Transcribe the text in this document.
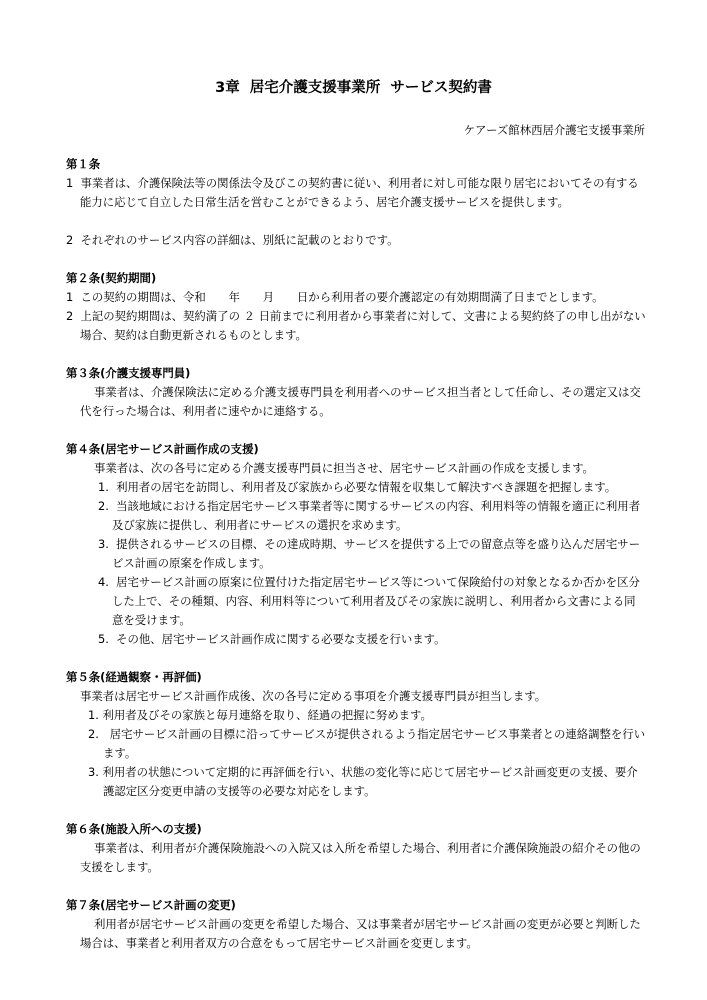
3章  居宅介護支援事業所  サービス契約書
ケアーズ館林西居介護宅支援事業所
第１条
1  事業者は、介護保険法等の関係法令及びこの契約書に従い、利用者に対し可能な限り居宅においてその有する能力に応じて自立した日常生活を営むことができるよう、居宅介護支援サービスを提供します。
2  それぞれのサービス内容の詳細は、別紙に記載のとおりです。
第２条(契約期間)
1  この契約の期間は、令和　　年　　月　　日から利用者の要介護認定の有効期間満了日までとします。
2  上記の契約期間は、契約満了の ２ 日前までに利用者から事業者に対して、文書による契約終了の申し出がない場合、契約は自動更新されるものとします。
第３条(介護支援専門員)
事業者は、介護保険法に定める介護支援専門員を利用者へのサービス担当者として任命し、その選定又は交代を行った場合は、利用者に速やかに連絡する。
第４条(居宅サービス計画作成の支援)
事業者は、次の各号に定める介護支援専門員に担当させ、居宅サービス計画の作成を支援します。
1.  利用者の居宅を訪問し、利用者及び家族から必要な情報を収集して解決すべき課題を把握します。
2.  当該地域における指定居宅サービス事業者等に関するサービスの内容、利用料等の情報を適正に利用者及び家族に提供し、利用者にサービスの選択を求めます。
3.  提供されるサービスの目標、その達成時期、サービスを提供する上での留意点等を盛り込んだ居宅サービス計画の原案を作成します。
4.  居宅サービス計画の原案に位置付けた指定居宅サービス等について保険給付の対象となるか否かを区分した上で、その種類、内容、利用料等について利用者及びその家族に説明し、利用者から文書による同意を受けます。
5.  その他、居宅サービス計画作成に関する必要な支援を行います。
第５条(経過観察・再評価)
事業者は居宅サービス計画作成後、次の各号に定める事項を介護支援専門員が担当します。
1. 利用者及びその家族と毎月連絡を取り、経過の把握に努めます。
2.   居宅サービス計画の目標に沿ってサービスが提供されるよう指定居宅サービス事業者との連絡調整を行います。
3. 利用者の状態について定期的に再評価を行い、状態の変化等に応じて居宅サービス計画変更の支援、要介護認定区分変更申請の支援等の必要な対応をします。
第６条(施設入所への支援)
事業者は、利用者が介護保険施設への入院又は入所を希望した場合、利用者に介護保険施設の紹介その他の支援をします。
第７条(居宅サービス計画の変更)
利用者が居宅サービス計画の変更を希望した場合、又は事業者が居宅サービス計画の変更が必要と判断した場合は、事業者と利用者双方の合意をもって居宅サービス計画を変更します。
